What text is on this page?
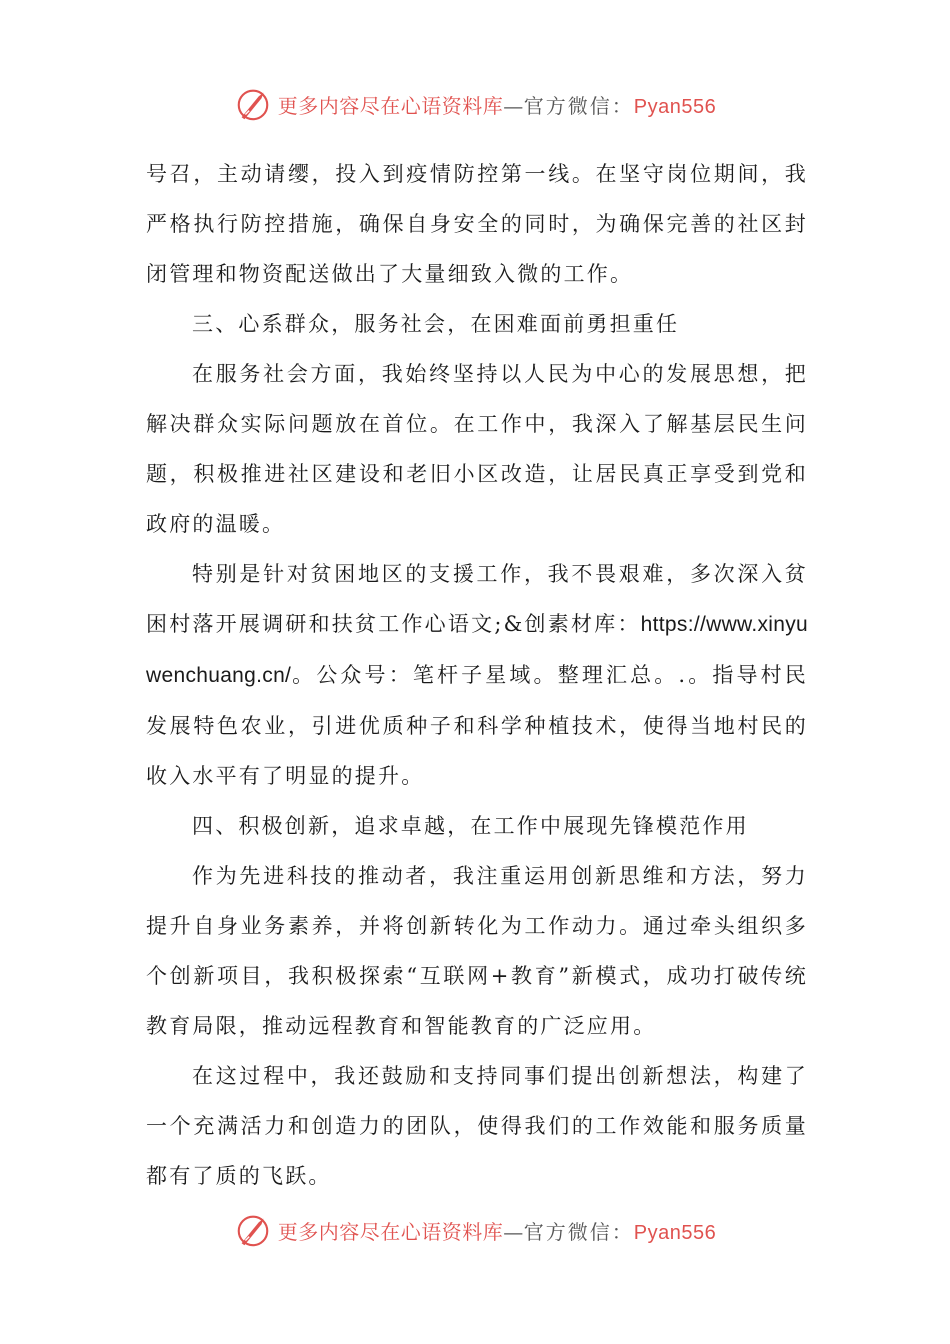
更多内容尽在心语资料库—官方微信：Pyan556

号召，主动请缨，投入到疫情防控第一线。在坚守岗位期间，我严格执行防控措施，确保自身安全的同时，为确保完善的社区封闭管理和物资配送做出了大量细致入微的工作。

三、心系群众，服务社会，在困难面前勇担重任

在服务社会方面，我始终坚持以人民为中心的发展思想，把解决群众实际问题放在首位。在工作中，我深入了解基层民生问题，积极推进社区建设和老旧小区改造，让居民真正享受到党和政府的温暖。

特别是针对贫困地区的支援工作，我不畏艰难，多次深入贫困村落开展调研和扶贫工作心语文;&创素材库：https://www.xinyuwenchuang.cn/。公众号：笔杆子星域。整理汇总。.。指导村民发展特色农业，引进优质种子和科学种植技术，使得当地村民的收入水平有了明显的提升。

四、积极创新，追求卓越，在工作中展现先锋模范作用

作为先进科技的推动者，我注重运用创新思维和方法，努力提升自身业务素养，并将创新转化为工作动力。通过牵头组织多个创新项目，我积极探索“互联网+教育”新模式，成功打破传统教育局限，推动远程教育和智能教育的广泛应用。

在这过程中，我还鼓励和支持同事们提出创新想法，构建了一个充满活力和创造力的团队，使得我们的工作效能和服务质量都有了质的飞跃。

更多内容尽在心语资料库—官方微信：Pyan556
